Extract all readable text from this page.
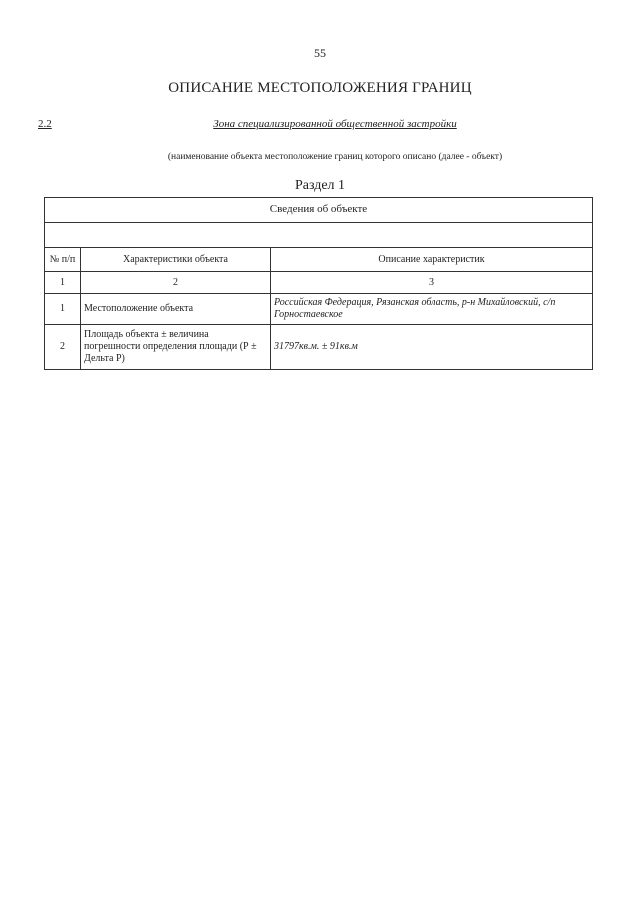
55
ОПИСАНИЕ МЕСТОПОЛОЖЕНИЯ ГРАНИЦ
2.2	Зона специализированной общественной застройки
(наименование объекта местоположение границ которого описано (далее - объект)
Раздел 1
Сведения об объекте		

№ п/п	Характеристики объекта	Описание характеристик
1	2	3
1	Местоположение объекта	Российская Федерация, Рязанская область, р-н Михайловский, с/п Горностаевское
2	Площадь объекта ± величина погрешности определения площади (Р ± Дельта Р)	31797кв.м. ± 91кв.м
